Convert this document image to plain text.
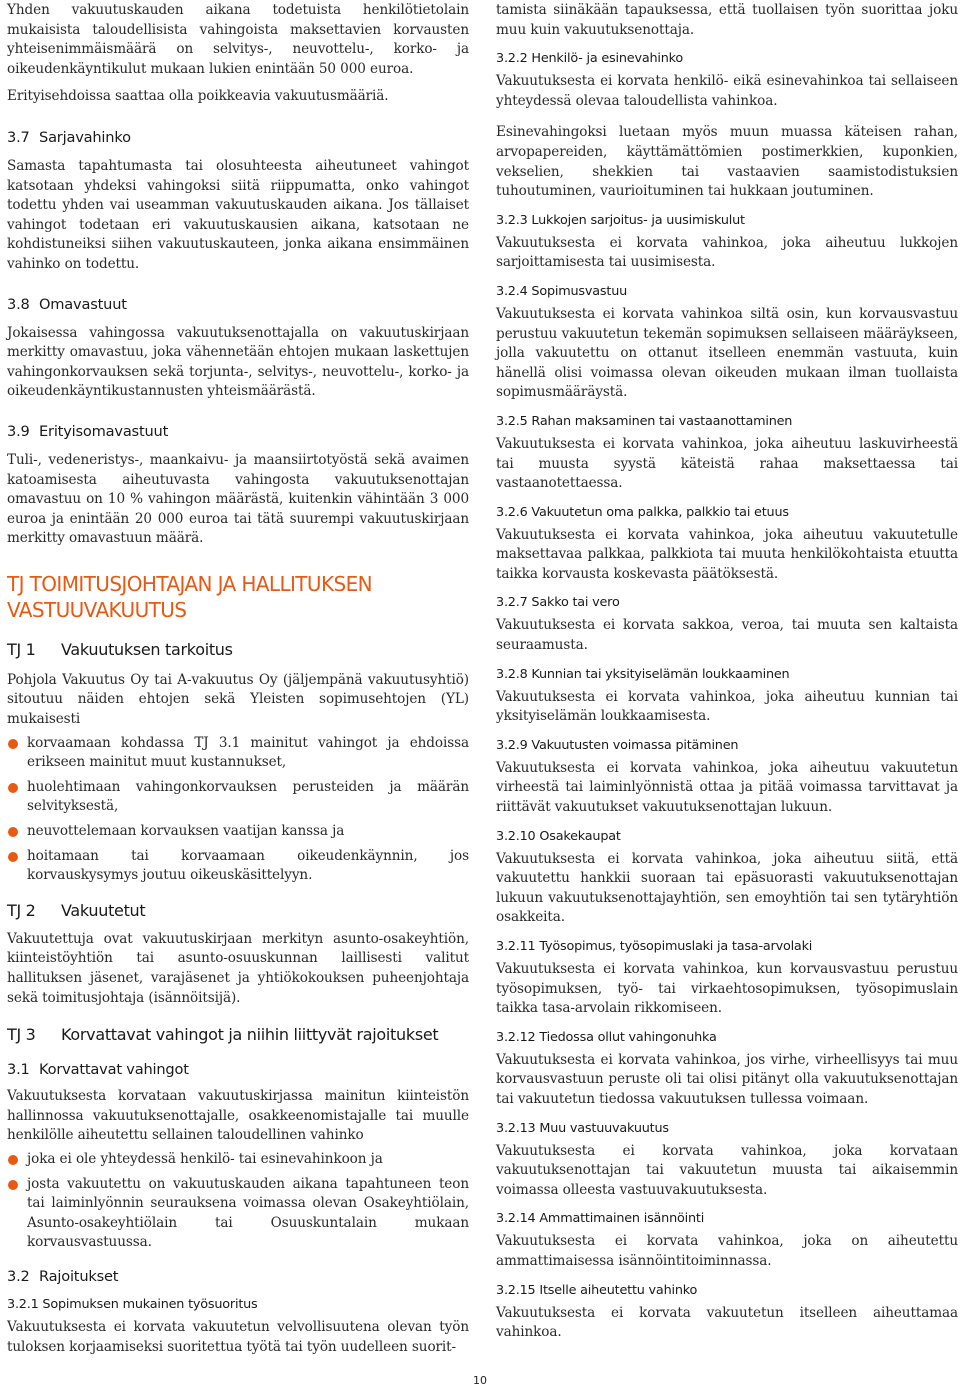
Yhden vakuutuskauden aikana todetuista henkilötietolain mukaisista taloudellisista vahingoista maksettavien korvausten yhteisenimmäismäärä on selvitys-, neuvottelu-, korko- ja oikeudenkäyntikulut mukaan lukien enintään 50 000 euroa.

Erityisehdoissa saattaa olla poikkeavia vakuutusmääriä.

3.7 Sarjavahinko

Samasta tapahtumasta tai olosuhteesta aiheutuneet vahingot katsotaan yhdeksi vahingoksi siitä riippumatta, onko vahingot todettu yhden vai useamman vakuutuskauden aikana. Jos tällaiset vahingot todetaan eri vakuutuskausien aikana, katsotaan ne kohdistuneiksi siihen vakuutuskauteen, jonka aikana ensimmäinen vahinko on todettu.

3.8 Omavastuut

Jokaisessa vahingossa vakuutuksenottajalla on vakuutuskirjaan merkitty omavastuu, joka vähennetään ehtojen mukaan laskettujen vahingonkorvauksen sekä torjunta-, selvitys-, neuvottelu-, korko- ja oikeudenkäyntikustannusten yhteismäärästä.

3.9 Erityisomavastuut

Tuli-, vedeneristys-, maankaivu- ja maansiirtotyöstä sekä avaimen katoamisesta aiheutuvasta vahingosta vakuutuksenottajan omavastuu on 10 % vahingon määrästä, kuitenkin vähintään 3 000 euroa ja enintään 20 000 euroa tai tätä suurempi vakuutuskirjaan merkitty omavastuun määrä.

TJ TOIMITUSJOHTAJAN JA HALLITUKSEN
VASTUUVAKUUTUS
TJ 1 Vakuutuksen tarkoitus

Pohjola Vakuutus Oy tai A-vakuutus Oy (jäljempänä vakuutusyhtiö) sitoutuu näiden ehtojen sekä Yleisten sopimusehtojen (YL) mukaisesti

korvaamaan kohdassa TJ 3.1 mainitut vahingot ja ehdoissa erikseen mainitut muut kustannukset,
huolehtimaan vahingonkorvauksen perusteiden ja määrän selvityksestä,
neuvottelemaan korvauksen vaatijan kanssa ja
hoitamaan tai korvaamaan oikeudenkäynnin, jos korvauskysymys joutuu oikeuskäsittelyyn.
TJ 2 Vakuutetut

Vakuutettuja ovat vakuutuskirjaan merkityn asunto-osakeyhtiön, kiinteistöyhtiön tai asunto-osuuskunnan laillisesti valitut hallituksen jäsenet, varajäsenet ja yhtiökokouksen puheenjohtaja sekä toimitusjohtaja (isännöitsijä).

TJ 3 Korvattavat vahingot ja niihin liittyvät rajoitukset
3.1 Korvattavat vahingot

Vakuutuksesta korvataan vakuutuskirjassa mainitun kiinteistön hallinnossa vakuutuksenottajalle, osakkeenomistajalle tai muulle henkilölle aiheutettu sellainen taloudellinen vahinko

joka ei ole yhteydessä henkilö- tai esinevahinkoon ja
josta vakuutettu on vakuutuskauden aikana tapahtuneen teon tai laiminlyönnin seurauksena voimassa olevan Osakeyhtiölain, Asunto-osakeyhtiölain tai Osuuskuntalain mukaan korvausvastuussa.
3.2 Rajoitukset
3.2.1 Sopimuksen mukainen työsuoritus

Vakuutuksesta ei korvata vakuutetun velvollisuutena olevan työn tuloksen korjaamiseksi suoritettua työtä tai työn uudelleen suorit-

tamista siinäkään tapauksessa, että tuollaisen työn suorittaa joku muu kuin vakuutuksenottaja.

3.2.2 Henkilö- ja esinevahinko

Vakuutuksesta ei korvata henkilö- eikä esinevahinkoa tai sellaiseen yhteydessä olevaa taloudellista vahinkoa.

Esinevahingoksi luetaan myös muun muassa käteisen rahan, arvopapereiden, käyttämättömien postimerkkien, kuponkien, vekselien, shekkien tai vastaavien saamistodistuksien tuhoutuminen, vaurioituminen tai hukkaan joutuminen.

3.2.3 Lukkojen sarjoitus- ja uusimiskulut

Vakuutuksesta ei korvata vahinkoa, joka aiheutuu lukkojen sarjoittamisesta tai uusimisesta.

3.2.4 Sopimusvastuu

Vakuutuksesta ei korvata vahinkoa siltä osin, kun korvausvastuu perustuu vakuutetun tekemän sopimuksen sellaiseen määräykseen, jolla vakuutettu on ottanut itselleen enemmän vastuuta, kuin hänellä olisi voimassa olevan oikeuden mukaan ilman tuollaista sopimusmääräystä.

3.2.5 Rahan maksaminen tai vastaanottaminen

Vakuutuksesta ei korvata vahinkoa, joka aiheutuu laskuvirheestä tai muusta syystä käteistä rahaa maksettaessa tai vastaanotettaessa.

3.2.6 Vakuutetun oma palkka, palkkio tai etuus

Vakuutuksesta ei korvata vahinkoa, joka aiheutuu vakuutetulle maksettavaa palkkaa, palkkiota tai muuta henkilökohtaista etuutta taikka korvausta koskevasta päätöksestä.

3.2.7 Sakko tai vero

Vakuutuksesta ei korvata sakkoa, veroa, tai muuta sen kaltaista seuraamusta.

3.2.8 Kunnian tai yksityiselämän loukkaaminen

Vakuutuksesta ei korvata vahinkoa, joka aiheutuu kunnian tai yksityiselämän loukkaamisesta.

3.2.9 Vakuutusten voimassa pitäminen

Vakuutuksesta ei korvata vahinkoa, joka aiheutuu vakuutetun virheestä tai laiminlyönnistä ottaa ja pitää voimassa tarvittavat ja riittävät vakuutukset vakuutuksenottajan lukuun.

3.2.10 Osakekaupat

Vakuutuksesta ei korvata vahinkoa, joka aiheutuu siitä, että vakuutettu hankkii suoraan tai epäsuorasti vakuutuksenottajan lukuun vakuutuksenottajayhtiön, sen emoyhtiön tai sen tytäryhtiön osakkeita.

3.2.11 Työsopimus, työsopimuslaki ja tasa-arvolaki

Vakuutuksesta ei korvata vahinkoa, kun korvausvastuu perustuu työsopimuksen, työ- tai virkaehtosopimuksen, työsopimuslain taikka tasa-arvolain rikkomiseen.

3.2.12 Tiedossa ollut vahingonuhka

Vakuutuksesta ei korvata vahinkoa, jos virhe, virheellisyys tai muu korvausvastuun peruste oli tai olisi pitänyt olla vakuutuksenottajan tai vakuutetun tiedossa vakuutuksen tullessa voimaan.

3.2.13 Muu vastuuvakuutus

Vakuutuksesta ei korvata vahinkoa, joka korvataan vakuutuksenottajan tai vakuutetun muusta tai aikaisemmin voimassa olleesta vastuuvakuutuksesta.

3.2.14 Ammattimainen isännöinti

Vakuutuksesta ei korvata vahinkoa, joka on aiheutettu ammattimaisessa isännöintitoiminnassa.

3.2.15 Itselle aiheutettu vahinko

Vakuutuksesta ei korvata vakuutetun itselleen aiheuttamaa vahinkoa.

10
